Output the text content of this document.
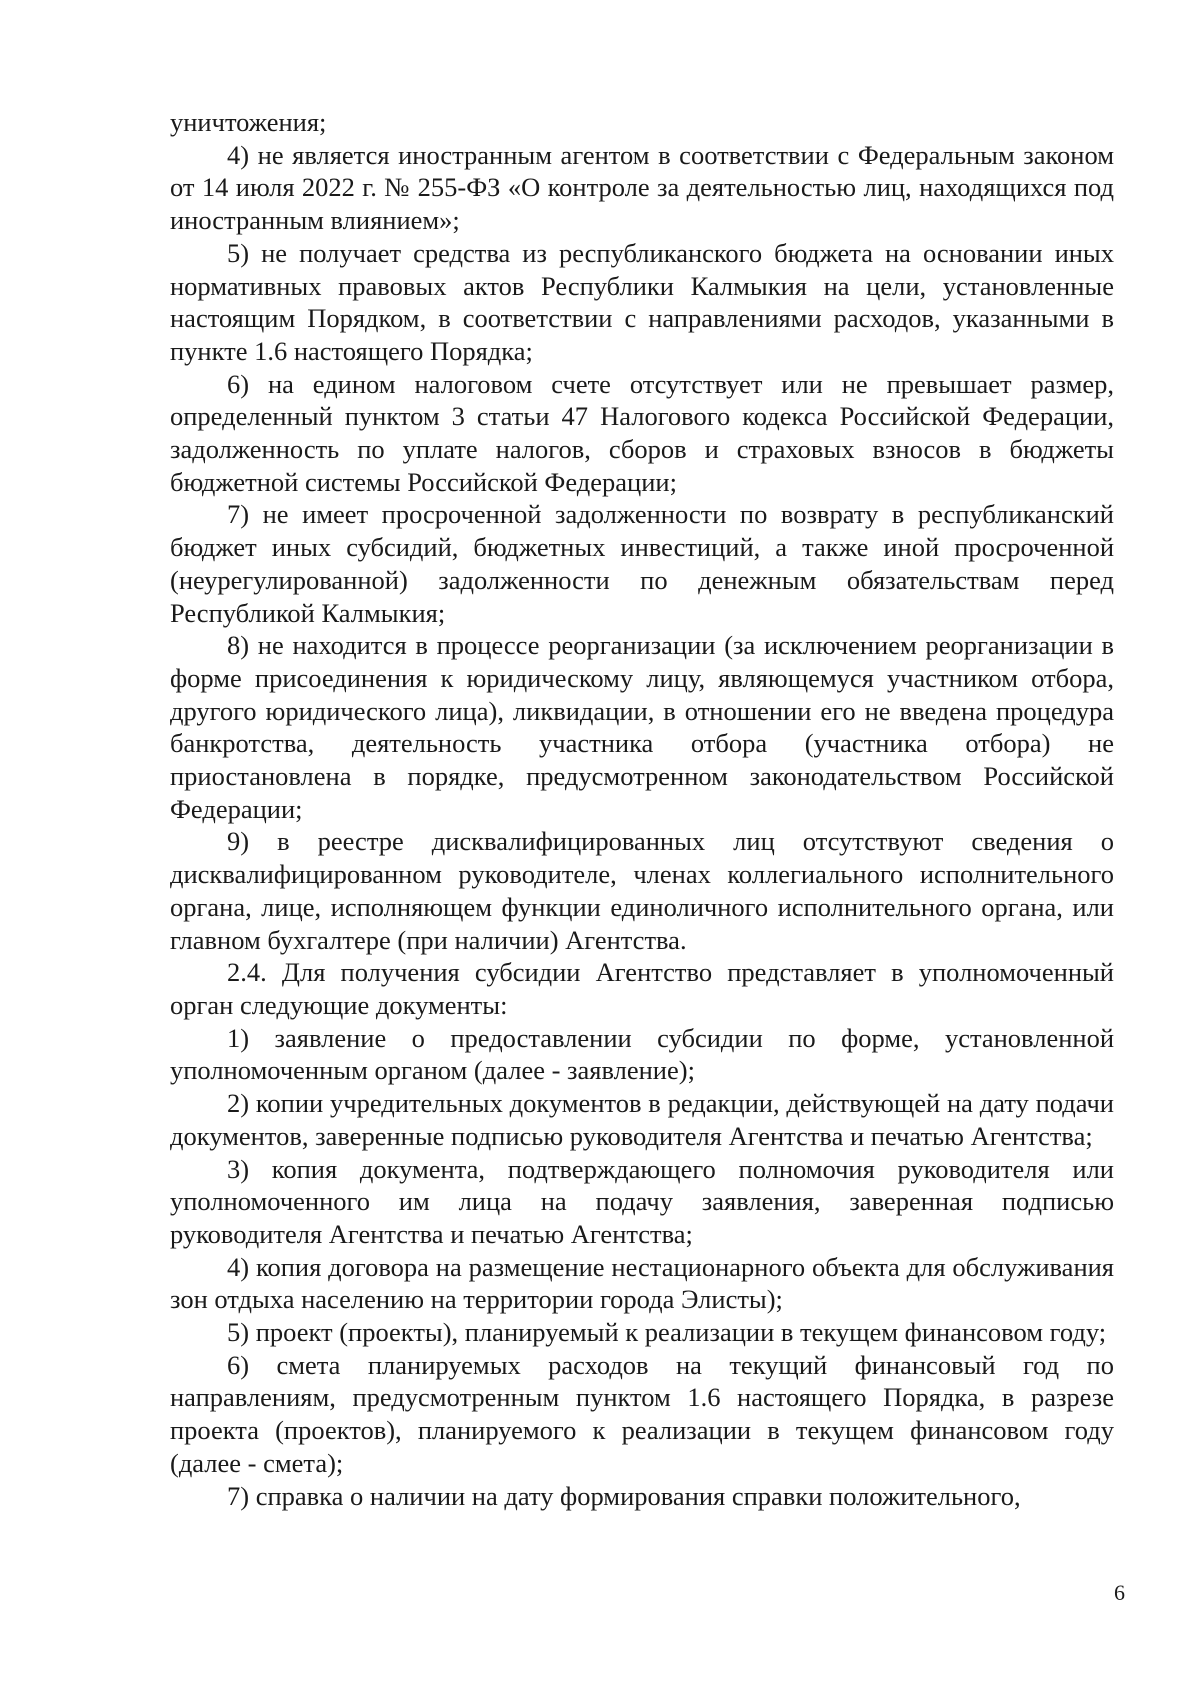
уничтожения;

4) не является иностранным агентом в соответствии с Федеральным законом от 14 июля 2022 г. № 255-ФЗ «О контроле за деятельностью лиц, находящихся под иностранным влиянием»;

5) не получает средства из республиканского бюджета на основании иных нормативных правовых актов Республики Калмыкия на цели, установленные настоящим Порядком, в соответствии с направлениями расходов, указанными в пункте 1.6 настоящего Порядка;

6) на едином налоговом счете отсутствует или не превышает размер, определенный пунктом 3 статьи 47 Налогового кодекса Российской Федерации, задолженность по уплате налогов, сборов и страховых взносов в бюджеты бюджетной системы Российской Федерации;

7) не имеет просроченной задолженности по возврату в республиканский бюджет иных субсидий, бюджетных инвестиций, а также иной просроченной (неурегулированной) задолженности по денежным обязательствам перед Республикой Калмыкия;

8) не находится в процессе реорганизации (за исключением реорганизации в форме присоединения к юридическому лицу, являющемуся участником отбора, другого юридического лица), ликвидации, в отношении его не введена процедура банкротства, деятельность участника отбора (участника отбора) не приостановлена в порядке, предусмотренном законодательством Российской Федерации;

9) в реестре дисквалифицированных лиц отсутствуют сведения о дисквалифицированном руководителе, членах коллегиального исполнительного органа, лице, исполняющем функции единоличного исполнительного органа, или главном бухгалтере (при наличии) Агентства.

2.4. Для получения субсидии Агентство представляет в уполномоченный орган следующие документы:

1) заявление о предоставлении субсидии по форме, установленной уполномоченным органом (далее - заявление);

2) копии учредительных документов в редакции, действующей на дату подачи документов, заверенные подписью руководителя Агентства и печатью Агентства;

3) копия документа, подтверждающего полномочия руководителя или уполномоченного им лица на подачу заявления, заверенная подписью руководителя Агентства и печатью Агентства;

4) копия договора на размещение нестационарного объекта для обслуживания зон отдыха населению на территории города Элисты);

5) проект (проекты), планируемый к реализации в текущем финансовом году;

6) смета планируемых расходов на текущий финансовый год по направлениям, предусмотренным пунктом 1.6 настоящего Порядка, в разрезе проекта (проектов), планируемого к реализации в текущем финансовом году (далее - смета);

7) справка о наличии на дату формирования справки положительного,

6
